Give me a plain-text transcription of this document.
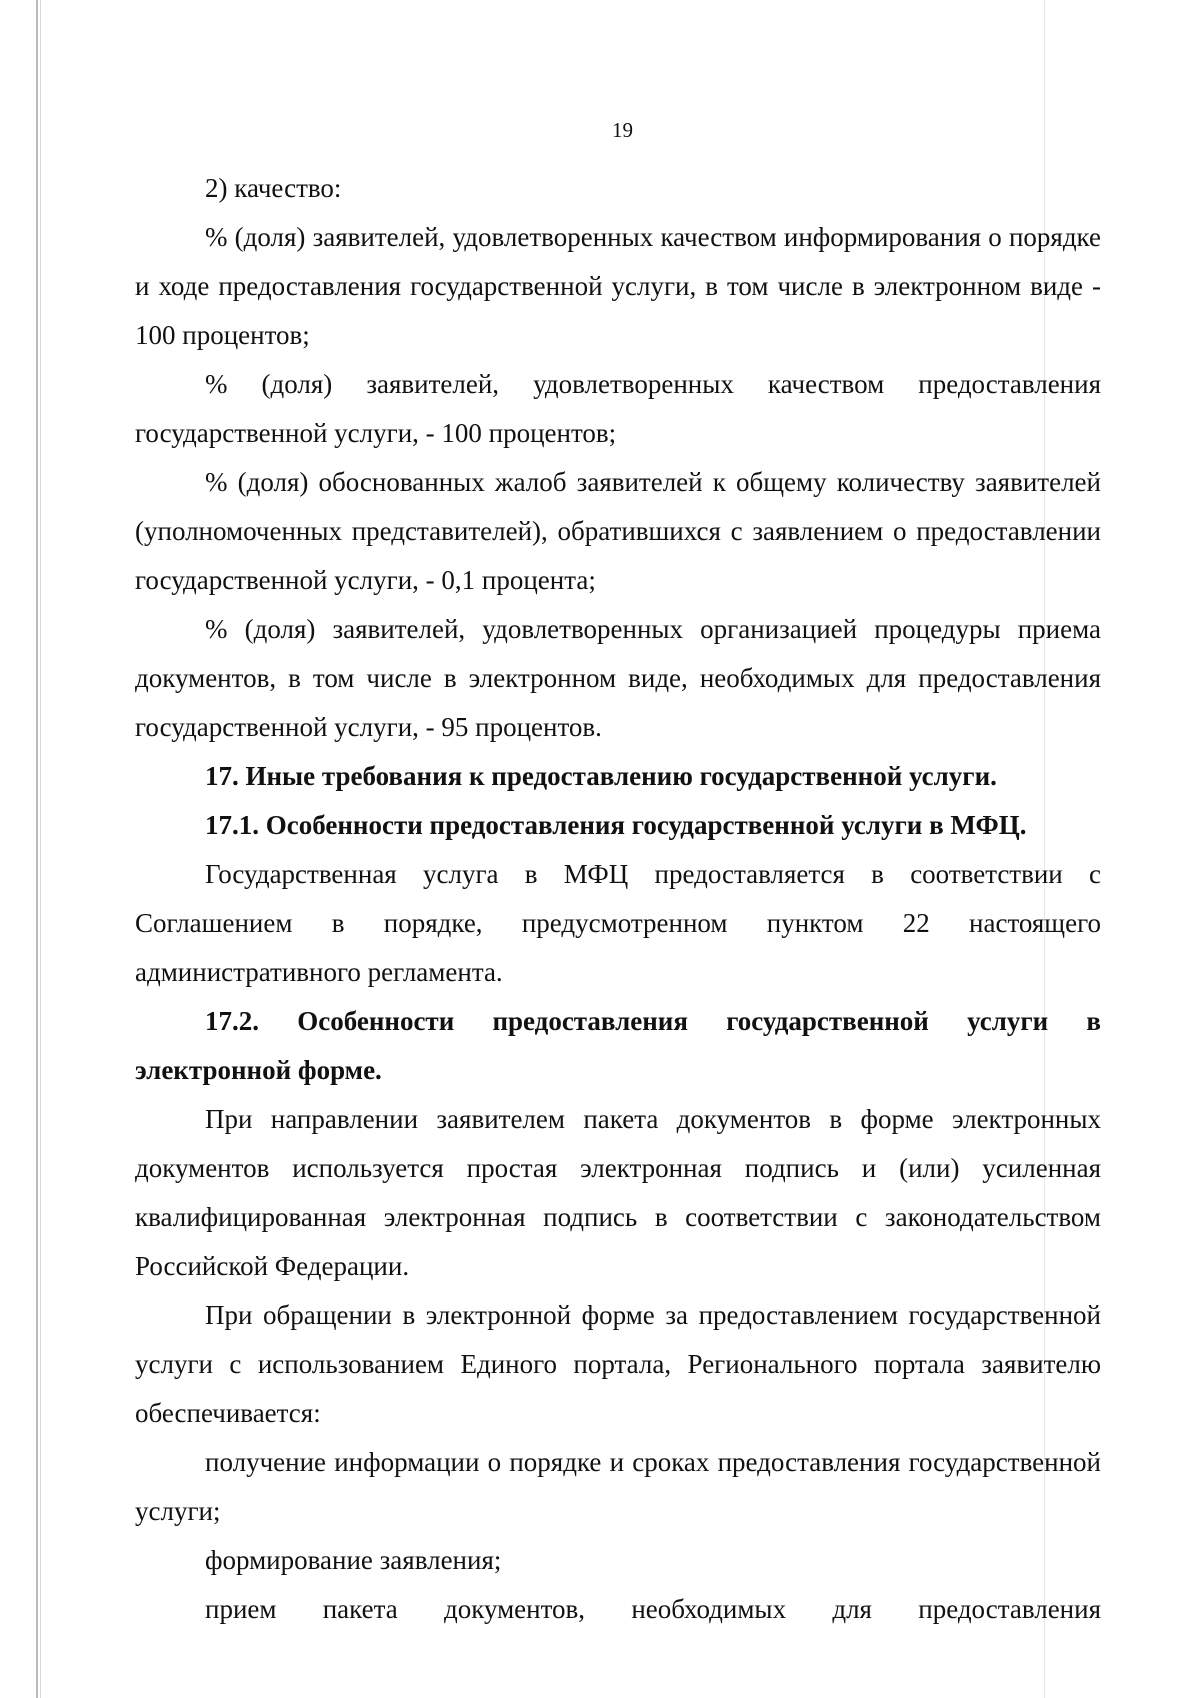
19

2) качество:

% (доля) заявителей, удовлетворенных качеством информирования о порядке и ходе предоставления государственной услуги, в том числе в электронном виде - 100 процентов;

% (доля) заявителей, удовлетворенных качеством предоставления государственной услуги, - 100 процентов;

% (доля) обоснованных жалоб заявителей к общему количеству заявителей (уполномоченных представителей), обратившихся с заявлением о предоставлении государственной услуги, - 0,1 процента;

% (доля) заявителей, удовлетворенных организацией процедуры приема документов, в том числе в электронном виде, необходимых для предоставления государственной услуги, - 95 процентов.

17. Иные требования к предоставлению государственной услуги.

17.1. Особенности предоставления государственной услуги в МФЦ.

Государственная услуга в МФЦ предоставляется в соответствии с Соглашением в порядке, предусмотренном пунктом 22 настоящего административного регламента.

17.2. Особенности предоставления государственной услуги в электронной форме.

При направлении заявителем пакета документов в форме электронных документов используется простая электронная подпись и (или) усиленная квалифицированная электронная подпись в соответствии с законодательством Российской Федерации.

При обращении в электронной форме за предоставлением государственной услуги с использованием Единого портала, Регионального портала заявителю обеспечивается:

получение информации о порядке и сроках предоставления государственной услуги;

формирование заявления;

прием пакета документов, необходимых для предоставления
